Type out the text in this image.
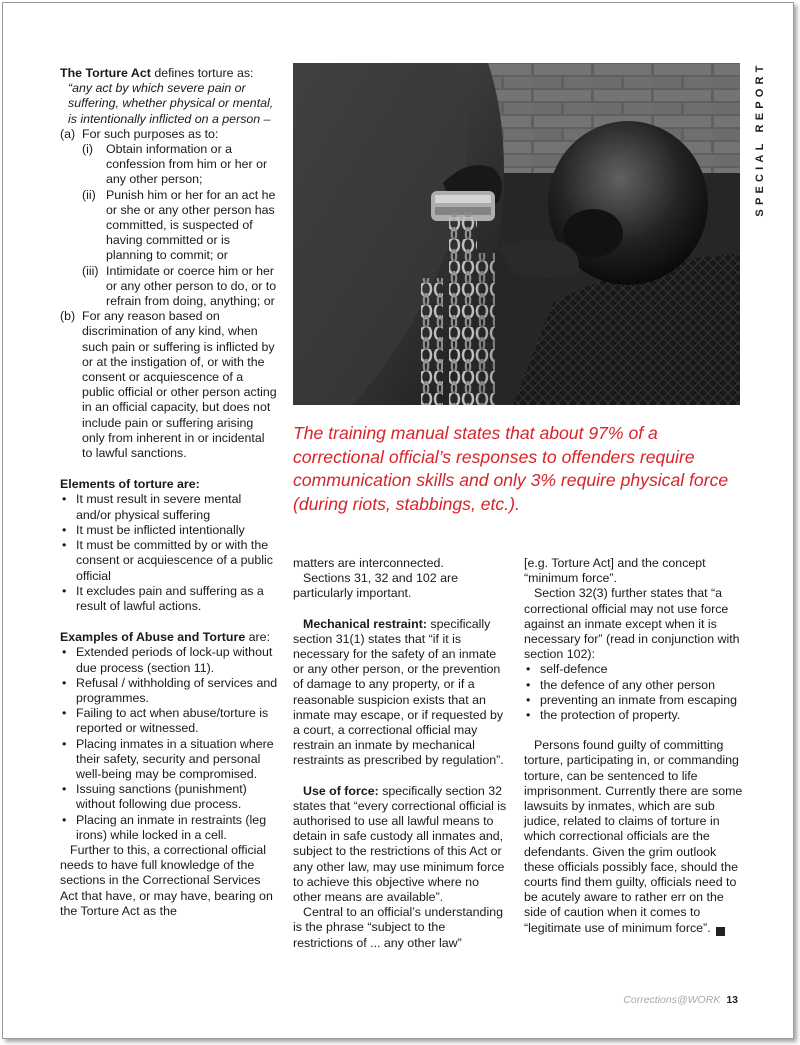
SPECIAL REPORT

The Torture Act defines torture as:

“any act by which severe pain or suffering, whether physical or mental, is intentionally inflicted on a person –

(a) For such purposes as to:
(i)	Obtain information or a confession from him or her or any other person;
(ii) Punish him or her for an act he or she or any other person has committed, is suspected of having committed or is planning to commit; or
(iii) Intimidate or coerce him or her or any other person to do, or to refrain from doing, anything; or
(b) For any reason based on discrimination of any kind, when such pain or suffering is inflicted by or at the instigation of, or with the consent or acquiescence of a public official or other person acting in an official capacity, but does not include pain or suffering arising only from inherent in or incidental to lawful sanctions.

Elements of torture are:

• It must result in severe mental and/or physical suffering
• It must be inflicted intentionally
• It must be committed by or with the consent or acquiescence of a public official
• It excludes pain and suffering as a result of lawful actions.

Examples of Abuse and Torture are:

• Extended periods of lock-up without due process (section 11).
• Refusal / withholding of services and programmes.
• Failing to act when abuse/torture is reported or witnessed.
• Placing inmates in a situation where their safety, security and personal well-being may be compromised.
• Issuing sanctions (punishment) without following due process.
• Placing an inmate in restraints (leg irons) while locked in a cell.

Further to this, a correctional official needs to have full knowledge of the sections in the Correctional Services Act that have, or may have, bearing on the Torture Act as the

The training manual states that about 97% of a correctional official’s responses to offenders require communication skills and only 3% require physical force (during riots, stabbings, etc.).

matters are interconnected.

Sections 31, 32 and 102 are particularly important.

Mechanical restraint: specifically section 31(1) states that “if it is necessary for the safety of an inmate or any other person, or the prevention of damage to any property, or if a reasonable suspicion exists that an inmate may escape, or if requested by a court, a correctional official may restrain an inmate by mechanical restraints as prescribed by regulation”.

Use of force: specifically section 32 states that “every correctional official is authorised to use all lawful means to detain in safe custody all inmates and, subject to the restrictions of this Act or any other law, may use minimum force to achieve this objective where no other means are available”.

Central to an official’s understanding is the phrase “subject to the restrictions of ... any other law”

[e.g. Torture Act] and the concept “minimum force”.

Section 32(3) further states that “a correctional official may not use force against an inmate except when it is necessary for” (read in conjunction with section 102):

• self-defence
• the defence of any other person
• preventing an inmate from escaping
• the protection of property.

Persons found guilty of committing torture, participating in, or commanding torture, can be sentenced to life imprisonment. Currently there are some lawsuits by inmates, which are sub judice, related to claims of torture in which correctional officials are the defendants. Given the grim outlook these officials possibly face, should the courts find them guilty, officials need to be acutely aware to rather err on the side of caution when it comes to “legitimate use of minimum force”. C

Corrections@WORK 13
